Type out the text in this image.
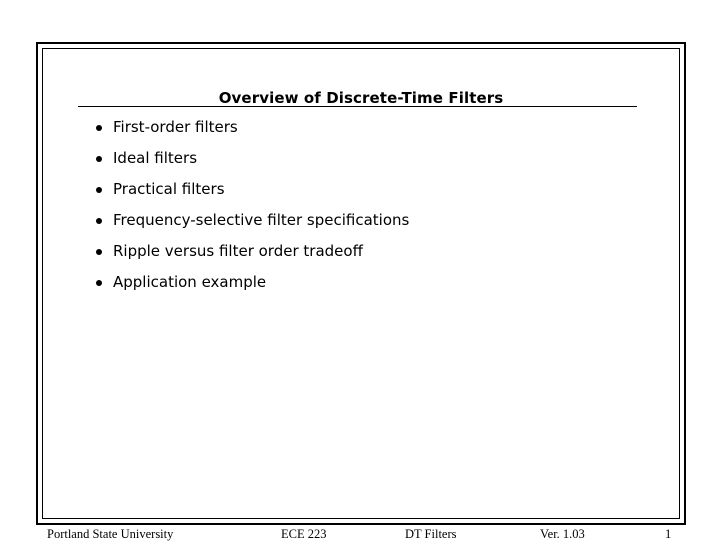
Overview of Discrete-Time Filters
First-order filters
Ideal filters
Practical filters
Frequency-selective filter specifications
Ripple versus filter order tradeoff
Application example
Portland State University	ECE 223	DT Filters	Ver. 1.03	1
